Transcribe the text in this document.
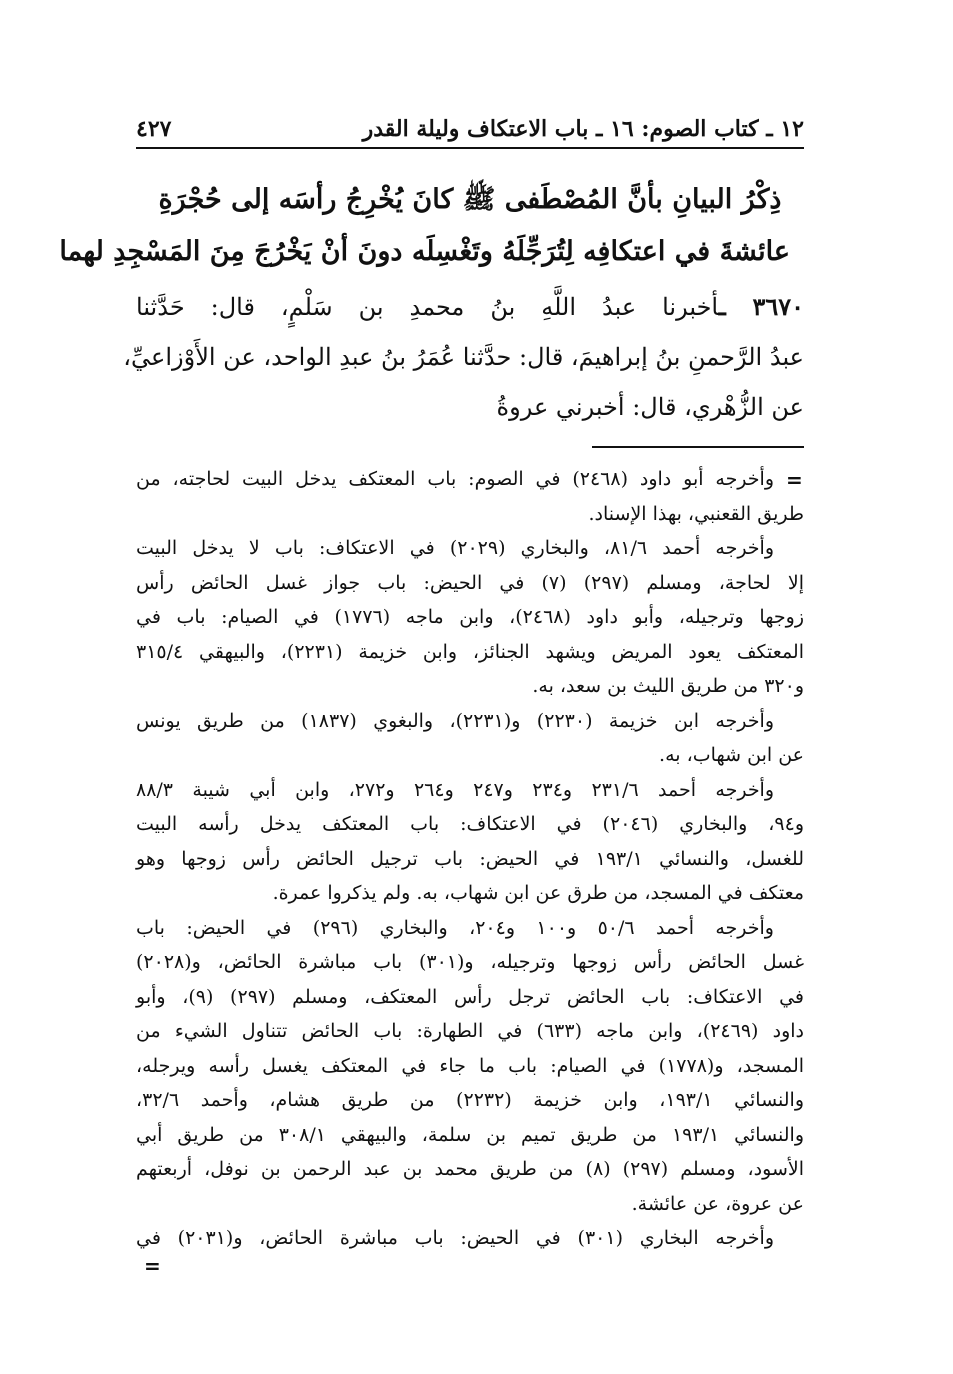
١٢ ـ كتاب الصوم: ١٦ ـ باب الاعتكاف وليلة القدر
٤٢٧
ذِكْرُ البيانِ بأنَّ المُصْطَفى ﷺ كانَ يُخْرِجُ رأسَه إلى حُجْرَةِ
عائشةَ في اعتكافِه لِتُرَجِّلَهُ وتَغْسِلَه دونَ أنْ يَخْرُجَ مِنَ المَسْجِدِ لهما
٣٦٧٠ ـأخبرنا عبدُ اللَّهِ بنُ محمدِ بن سَلْمٍ، قال: حَدَّثنا
عبدُ الرَّحمنِ بنُ إبراهيمَ، قال: حدَّثنا عُمَرُ بنُ عبدِ الواحد، عن الأَوْزاعيِّ،
عن الزُّهْري، قال: أخبرني عروةُ
=
وأخرجه أبو داود (٢٤٦٨) في الصوم: باب المعتكف يدخل البيت لحاجته، من
طريق القعنبي، بهذا الإسناد.
وأخرجه أحمد ٨١/٦، والبخاري (٢٠٢٩) في الاعتكاف: باب لا يدخل البيت
إلا لحاجة، ومسلم (٢٩٧) (٧) في الحيض: باب جواز غسل الحائض رأس
زوجها وترجيله، وأبو داود (٢٤٦٨)، وابن ماجه (١٧٧٦) في الصيام: باب في
المعتكف يعود المريض ويشهد الجنائز، وابن خزيمة (٢٢٣١)، والبيهقي ٣١٥/٤
و٣٢٠ من طريق الليث بن سعد، به.
وأخرجه ابن خزيمة (٢٢٣٠) و(٢٢٣١)، والبغوي (١٨٣٧) من طريق يونس
عن ابن شهاب، به.
وأخرجه أحمد ٢٣١/٦ و٢٣٤ و٢٤٧ و٢٦٤ و٢٧٢، وابن أبي شيبة ٨٨/٣
و٩٤، والبخاري (٢٠٤٦) في الاعتكاف: باب المعتكف يدخل رأسه البيت
للغسل، والنسائي ١٩٣/١ في الحيض: باب ترجيل الحائض رأس زوجها وهو
معتكف في المسجد، من طرق عن ابن شهاب، به. ولم يذكروا عمرة.
وأخرجه أحمد ٥٠/٦ و١٠٠ و٢٠٤، والبخاري (٢٩٦) في الحيض: باب
غسل الحائض رأس زوجها وترجيله، و(٣٠١) باب مباشرة الحائض، و(٢٠٢٨)
في الاعتكاف: باب الحائض ترجل رأس المعتكف، ومسلم (٢٩٧) (٩)، وأبو
داود (٢٤٦٩)، وابن ماجه (٦٣٣) في الطهارة: باب الحائض تتناول الشيء من
المسجد، و(١٧٧٨) في الصيام: باب ما جاء في المعتكف يغسل رأسه ويرجله،
والنسائي ١٩٣/١، وابن خزيمة (٢٢٣٢) من طريق هشام، وأحمد ٣٢/٦،
والنسائي ١٩٣/١ من طريق تميم بن سلمة، والبيهقي ٣٠٨/١ من طريق أبي
الأسود، ومسلم (٢٩٧) (٨) من طريق محمد بن عبد الرحمن بن نوفل، أربعتهم
عن عروة، عن عائشة.
وأخرجه البخاري (٣٠١) في الحيض: باب مباشرة الحائض، و(٢٠٣١) في
=
